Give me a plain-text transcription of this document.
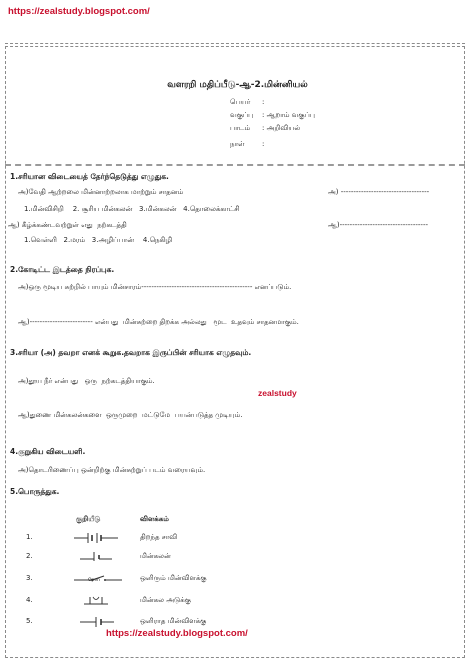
https://zealstudy.blogspot.com/
வளரறி மதிப்பீடு-ஆ-2.மின்னியல்
பெயர் :
வகுப்பு : ஆறாம் வகுப்பு
பாடம் : அறிவியல்
நாள்	:
1.சரியான விடையைத் தேர்ந்தெடுத்து எழுதுக.
அ)வேதி ஆற்றலை மின்னாற்றலாக மாற்றும் சாதனம்	அ) -----------------------------------
1.மின்விசிறி    2. சூரிய மின்கலன்   3.மின்கலன்   4.தொலைக்காட்சி
ஆ) கீழ்க்கண்டவற்றுள் எது  நற்கடத்தி	ஆ)-----------------------------------
1.வெள்ளி   2.மரம்   3.அழிப்பான்    4.நெகிழி
2.கோடிட்ட இடத்தை நிரப்புக.
அ)ஒரு மூடிய சுற்றில் பாயும் மின்சாரம்-------------------------------------------- எனப்படும்.
ஆ)------------------------- என்பது  மின்சுற்றை திறக்க அல்லது   மூட  உதவும் சாதனமாகும்.
3.சரியா (அ) தவறா எனக் கூறுக.தவறாக இருப்பின் சரியாக எழுதவும்.
அ)தூய நீர் என்பது   ஒரு  நற்கடத்தியாகும்.
zealstudy
ஆ)துணை மின்கலன்களை  ஒருமுறை  மட்டுமே  பயன்படுத்த முடியும்.
4.குறுகிய விடையளி.
அ)தொடரிணைப்பு ஒன்றிற்கு மின்சுற்றுப் படம் வரையவும்.
5.பொருத்துக.
குறியீடு	விளக்கம்
1.	திறந்த சாவி
2.	மின்கலன்
3.	Open	ஒளிரும் மின்விளக்கு
4.	மின்கல அடுக்கு
5.	ஒளிராத மின்விளக்கு
https://zealstudy.blogspot.com/
